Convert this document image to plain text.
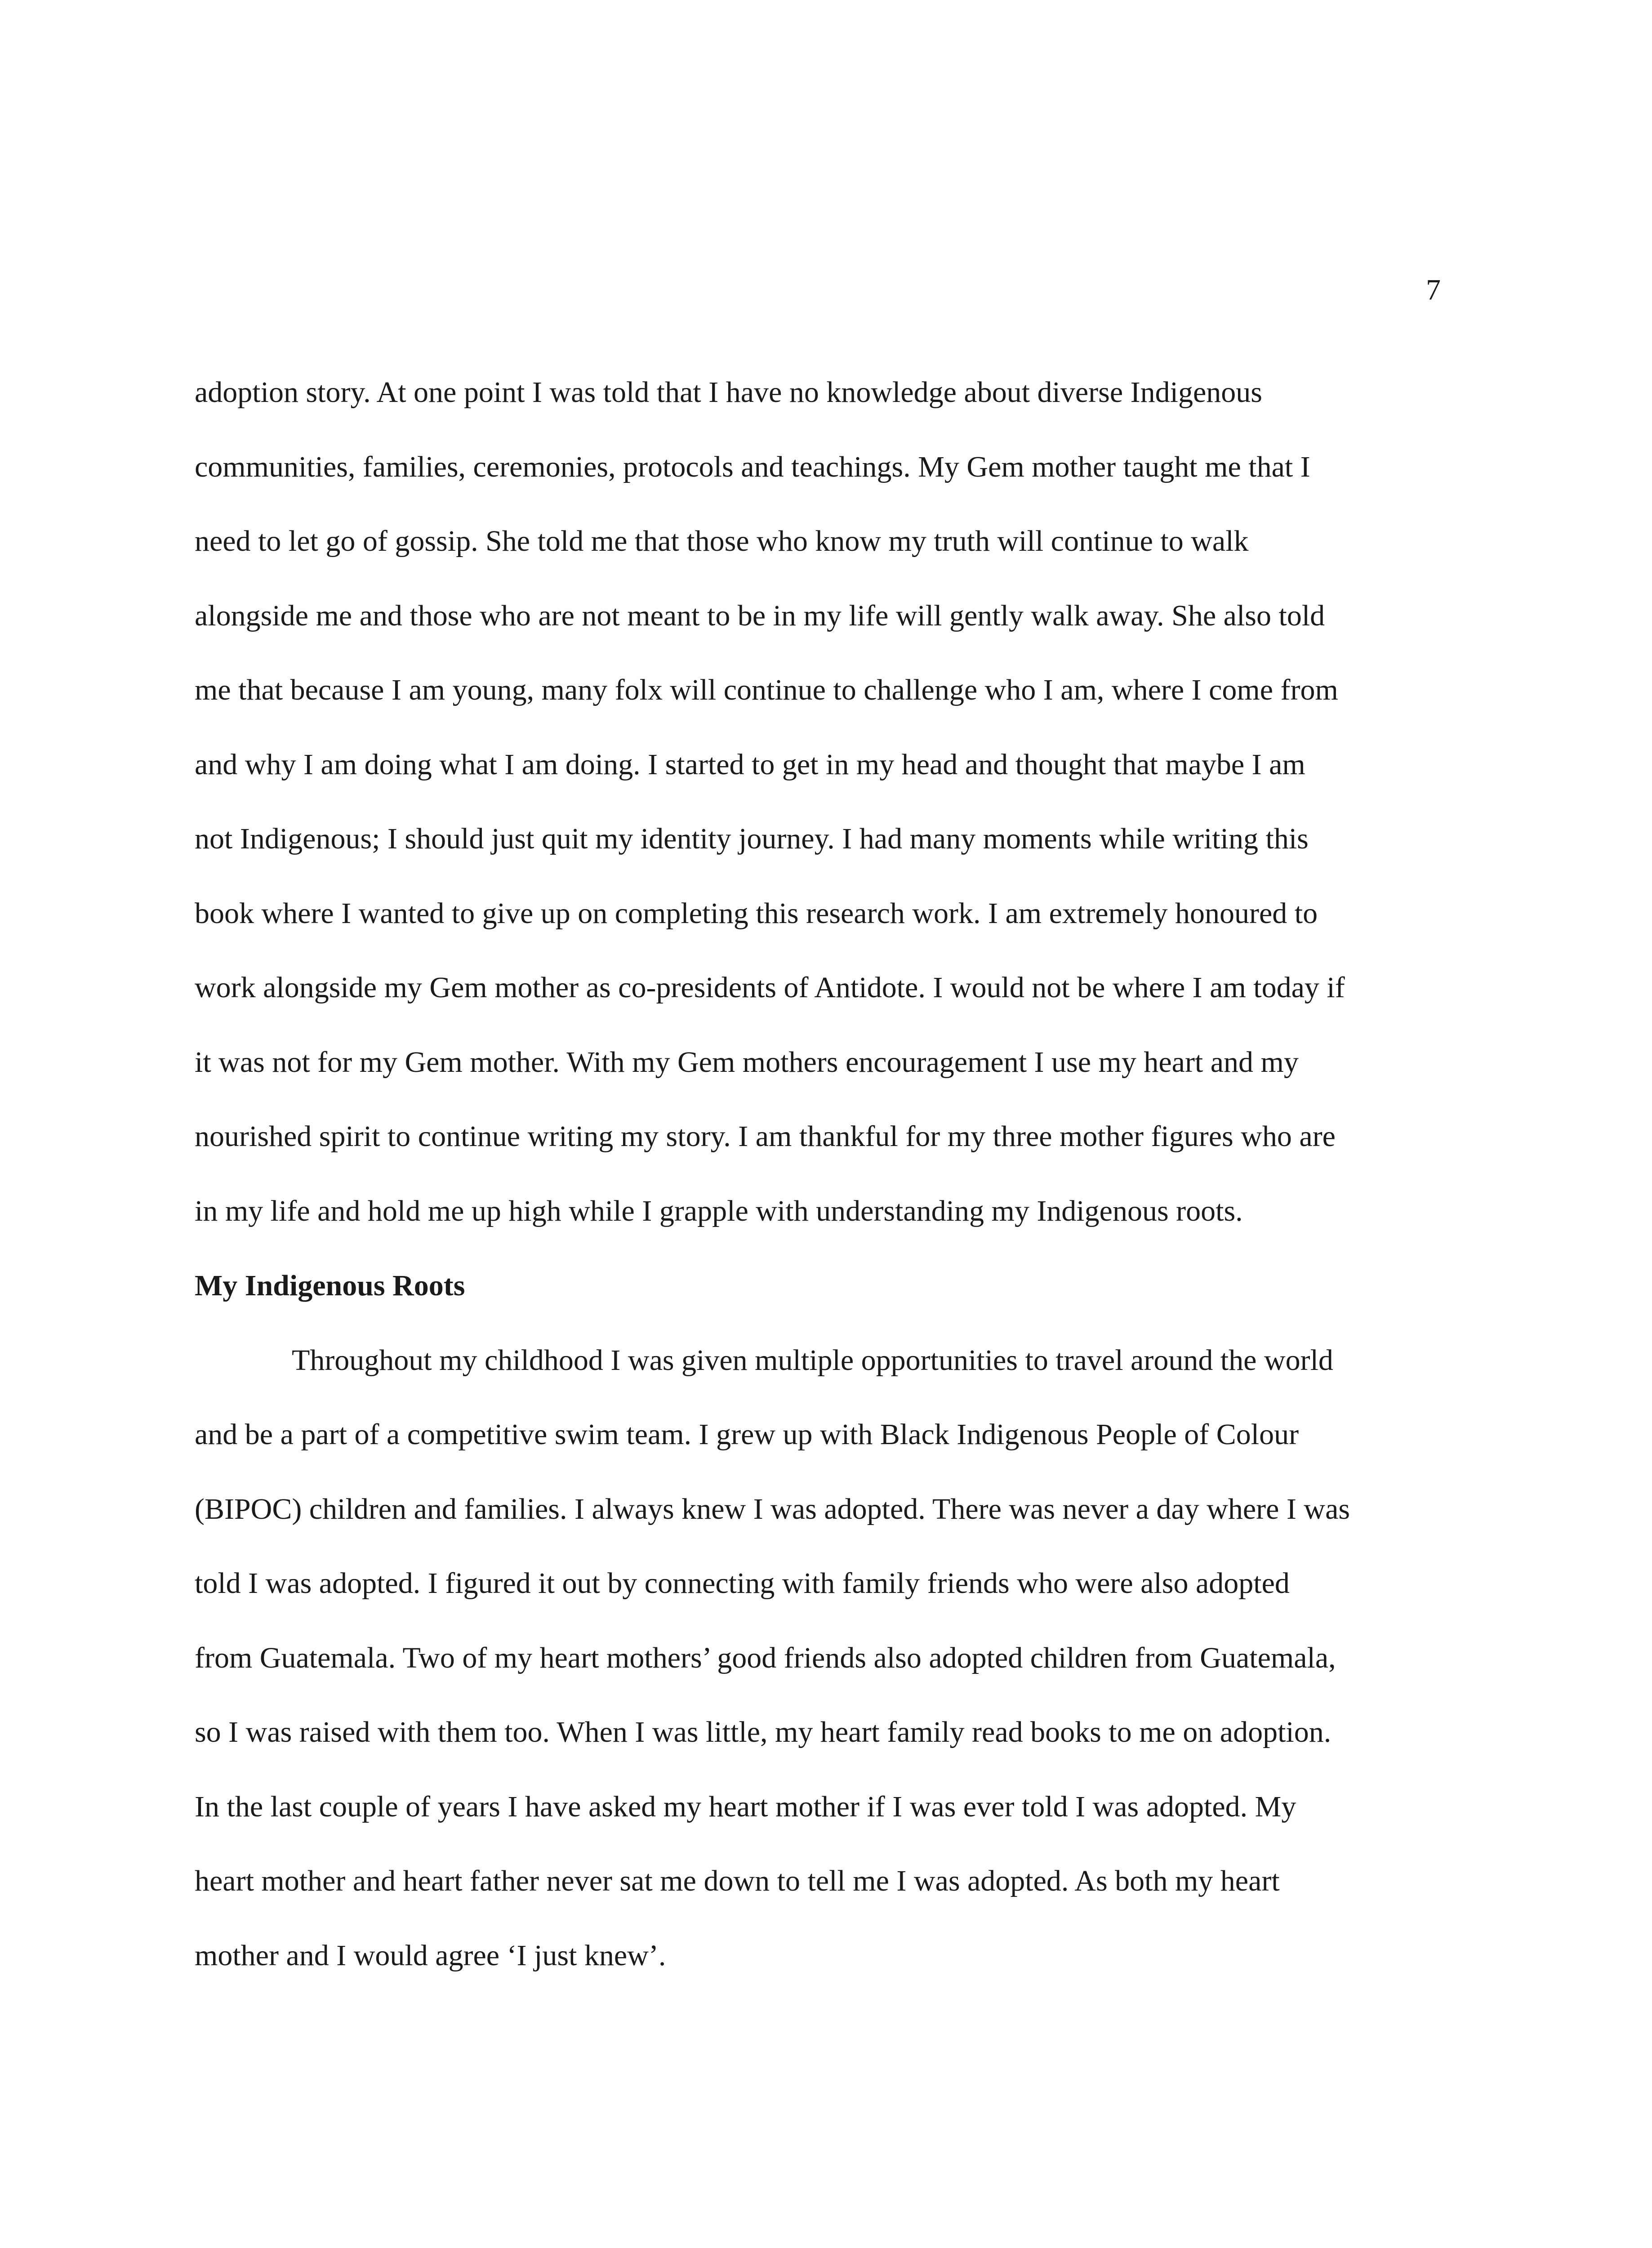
7
adoption story. At one point I was told that I have no knowledge about diverse Indigenous
communities, families, ceremonies, protocols and teachings. My Gem mother taught me that I
need to let go of gossip. She told me that those who know my truth will continue to walk
alongside me and those who are not meant to be in my life will gently walk away. She also told
me that because I am young, many folx will continue to challenge who I am, where I come from
and why I am doing what I am doing. I started to get in my head and thought that maybe I am
not Indigenous; I should just quit my identity journey. I had many moments while writing this
book where I wanted to give up on completing this research work. I am extremely honoured to
work alongside my Gem mother as co-presidents of Antidote. I would not be where I am today if
it was not for my Gem mother. With my Gem mothers encouragement I use my heart and my
nourished spirit to continue writing my story. I am thankful for my three mother figures who are
in my life and hold me up high while I grapple with understanding my Indigenous roots.
My Indigenous Roots
Throughout my childhood I was given multiple opportunities to travel around the world
and be a part of a competitive swim team. I grew up with Black Indigenous People of Colour
(BIPOC) children and families. I always knew I was adopted. There was never a day where I was
told I was adopted. I figured it out by connecting with family friends who were also adopted
from Guatemala. Two of my heart mothers’ good friends also adopted children from Guatemala,
so I was raised with them too. When I was little, my heart family read books to me on adoption.
In the last couple of years I have asked my heart mother if I was ever told I was adopted. My
heart mother and heart father never sat me down to tell me I was adopted. As both my heart
mother and I would agree ‘I just knew’.
